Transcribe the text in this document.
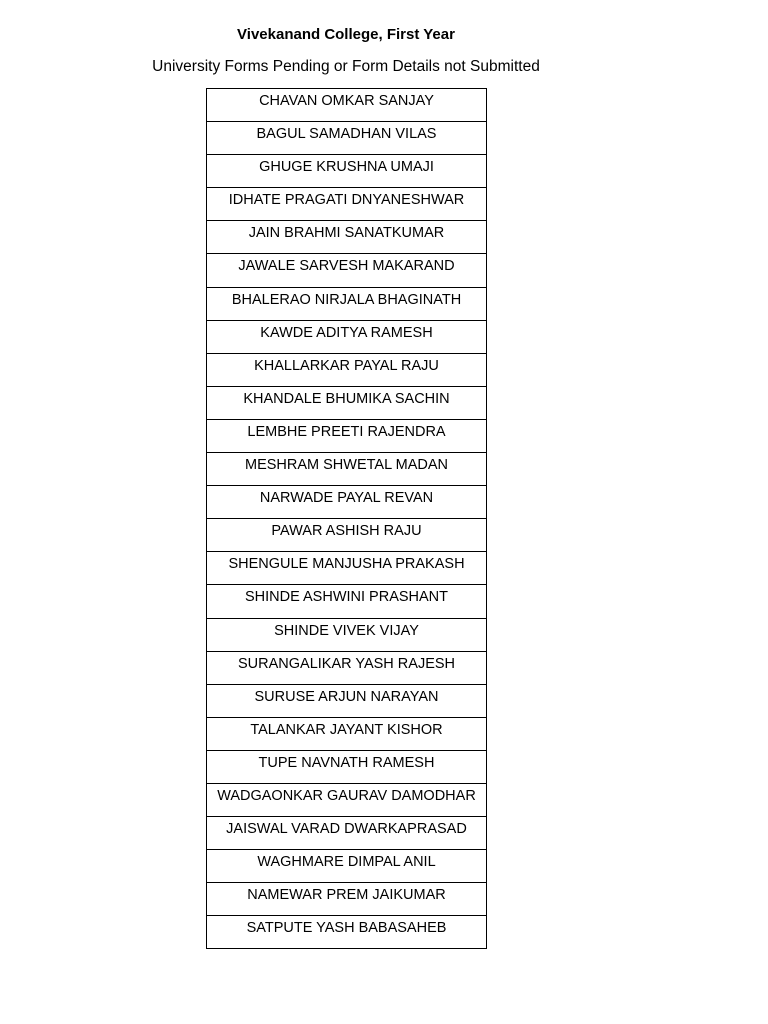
Vivekanand College, First Year
University Forms Pending or Form Details not Submitted
CHAVAN OMKAR SANJAY
BAGUL SAMADHAN VILAS
GHUGE KRUSHNA UMAJI
IDHATE PRAGATI DNYANESHWAR
JAIN BRAHMI SANATKUMAR
JAWALE SARVESH MAKARAND
BHALERAO NIRJALA BHAGINATH
KAWDE ADITYA RAMESH
KHALLARKAR PAYAL RAJU
KHANDALE BHUMIKA SACHIN
LEMBHE PREETI RAJENDRA
MESHRAM SHWETAL MADAN
NARWADE PAYAL REVAN
PAWAR ASHISH RAJU
SHENGULE MANJUSHA PRAKASH
SHINDE ASHWINI PRASHANT
SHINDE VIVEK VIJAY
SURANGALIKAR YASH RAJESH
SURUSE ARJUN NARAYAN
TALANKAR JAYANT KISHOR
TUPE NAVNATH RAMESH
WADGAONKAR GAURAV DAMODHAR
JAISWAL VARAD DWARKAPRASAD
WAGHMARE DIMPAL ANIL
NAMEWAR PREM JAIKUMAR
SATPUTE YASH BABASAHEB
